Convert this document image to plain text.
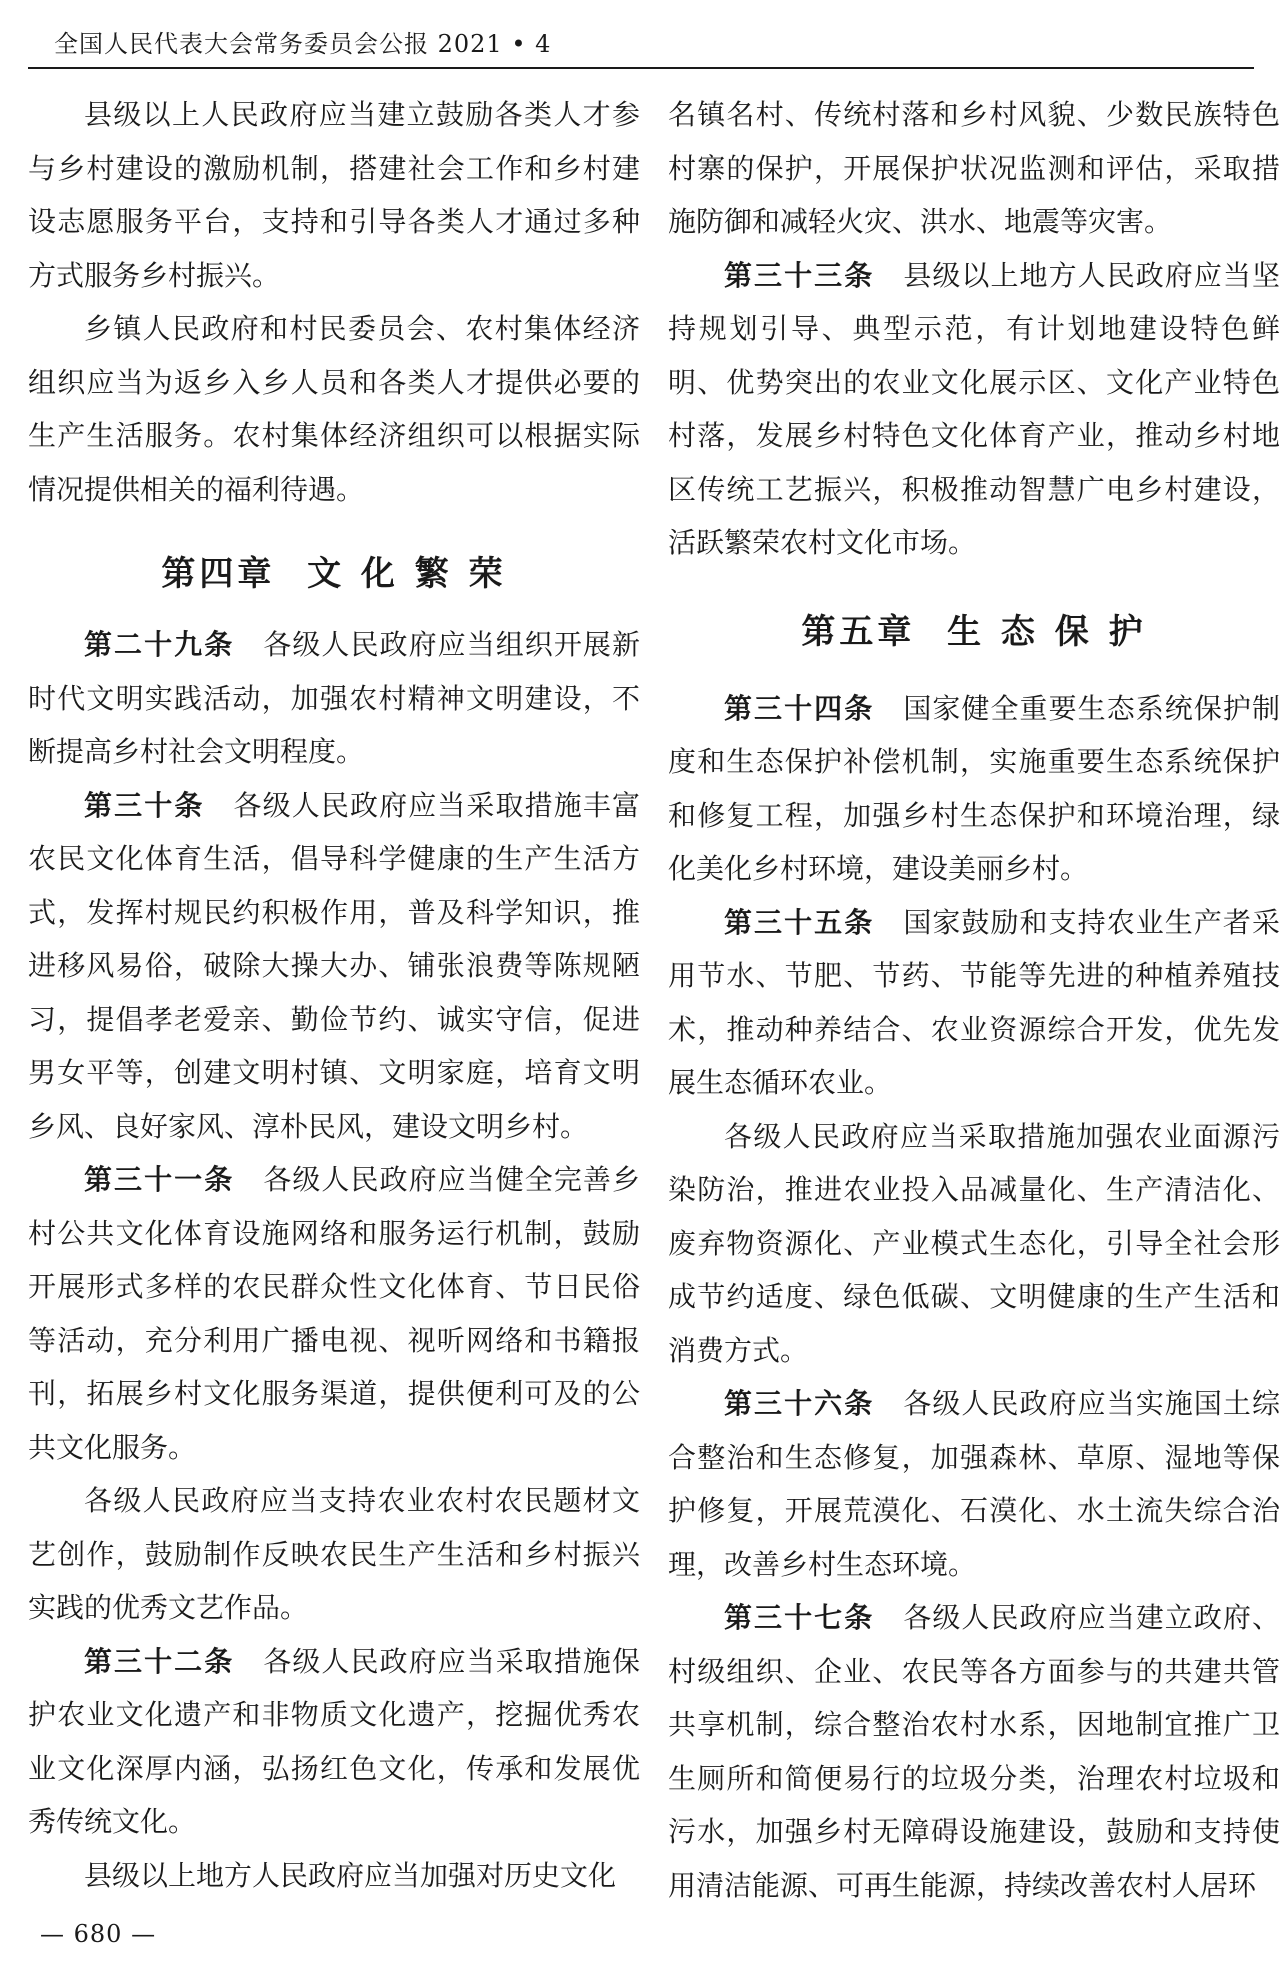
全国人民代表大会常务委员会公报 2021 • 4

县级以上人民政府应当建立鼓励各类人才参与乡村建设的激励机制，搭建社会工作和乡村建设志愿服务平台，支持和引导各类人才通过多种方式服务乡村振兴。

乡镇人民政府和村民委员会、农村集体经济组织应当为返乡入乡人员和各类人才提供必要的生产生活服务。农村集体经济组织可以根据实际情况提供相关的福利待遇。

第四章  文 化 繁 荣

第二十九条　 各级人民政府应当组织开展新时代文明实践活动，加强农村精神文明建设，不断提高乡村社会文明程度。

第三十条　 各级人民政府应当采取措施丰富农民文化体育生活，倡导科学健康的生产生活方式，发挥村规民约积极作用，普及科学知识，推进移风易俗，破除大操大办、铺张浪费等陈规陋习，提倡孝老爱亲、勤俭节约、诚实守信，促进男女平等，创建文明村镇、文明家庭，培育文明乡风、良好家风、淳朴民风，建设文明乡村。

第三十一条　 各级人民政府应当健全完善乡村公共文化体育设施网络和服务运行机制，鼓励开展形式多样的农民群众性文化体育、节日民俗等活动，充分利用广播电视、视听网络和书籍报刊，拓展乡村文化服务渠道，提供便利可及的公共文化服务。

各级人民政府应当支持农业农村农民题材文艺创作，鼓励制作反映农民生产生活和乡村振兴实践的优秀文艺作品。

第三十二条　 各级人民政府应当采取措施保护农业文化遗产和非物质文化遗产，挖掘优秀农业文化深厚内涵，弘扬红色文化，传承和发展优秀传统文化。

县级以上地方人民政府应当加强对历史文化

名镇名村、传统村落和乡村风貌、少数民族特色村寨的保护，开展保护状况监测和评估，采取措施防御和减轻火灾、洪水、地震等灾害。

第三十三条　 县级以上地方人民政府应当坚持规划引导、典型示范，有计划地建设特色鲜明、优势突出的农业文化展示区、文化产业特色村落，发展乡村特色文化体育产业，推动乡村地区传统工艺振兴，积极推动智慧广电乡村建设，活跃繁荣农村文化市场。

第五章  生 态 保 护

第三十四条　 国家健全重要生态系统保护制度和生态保护补偿机制，实施重要生态系统保护和修复工程，加强乡村生态保护和环境治理，绿化美化乡村环境，建设美丽乡村。

第三十五条　 国家鼓励和支持农业生产者采用节水、节肥、节药、节能等先进的种植养殖技术，推动种养结合、农业资源综合开发，优先发展生态循环农业。

各级人民政府应当采取措施加强农业面源污染防治，推进农业投入品减量化、生产清洁化、废弃物资源化、产业模式生态化，引导全社会形成节约适度、绿色低碳、文明健康的生产生活和消费方式。

第三十六条　 各级人民政府应当实施国土综合整治和生态修复，加强森林、草原、湿地等保护修复，开展荒漠化、石漠化、水土流失综合治理，改善乡村生态环境。

第三十七条　 各级人民政府应当建立政府、村级组织、企业、农民等各方面参与的共建共管共享机制，综合整治农村水系，因地制宜推广卫生厕所和简便易行的垃圾分类，治理农村垃圾和污水，加强乡村无障碍设施建设，鼓励和支持使用清洁能源、可再生能源，持续改善农村人居环

— 680 —
